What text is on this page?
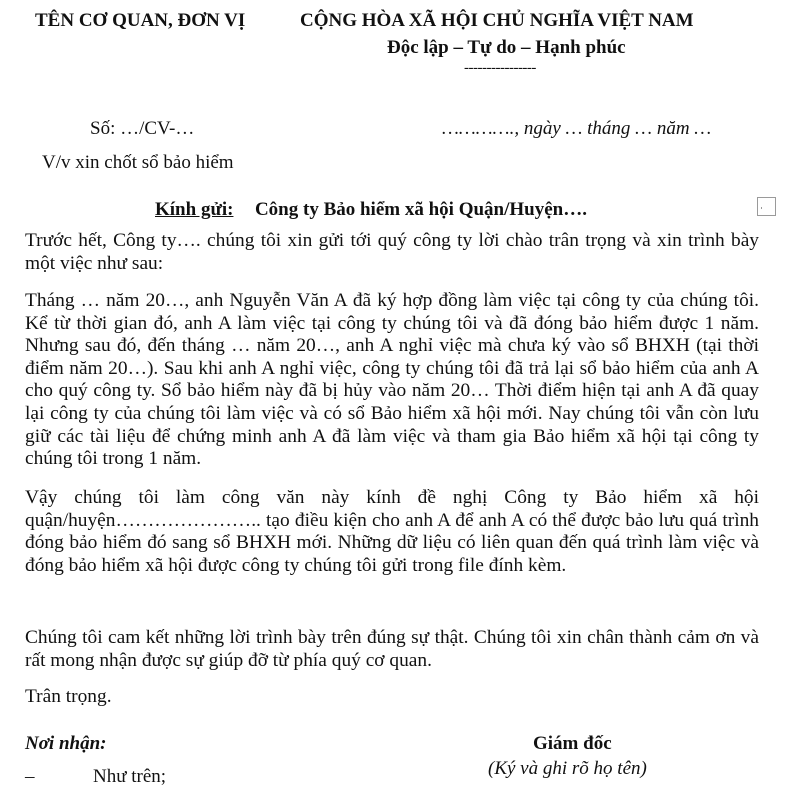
TÊN CƠ QUAN, ĐƠN VỊ	CỘNG HÒA XÃ HỘI CHỦ NGHĨA VIỆT NAM
Độc lập – Tự do – Hạnh phúc
----------------
Số: …/CV-…	…………., ngày … tháng … năm …
V/v xin chốt sổ bảo hiểm
Kính gửi: Công ty Bảo hiểm xã hội Quận/Huyện….
Trước hết, Công ty…. chúng tôi xin gửi tới quý công ty lời chào trân trọng và xin trình bày một việc như sau:
Tháng … năm 20…, anh Nguyễn Văn A đã ký hợp đồng làm việc tại công ty của chúng tôi. Kể từ thời gian đó, anh A làm việc tại công ty chúng tôi và đã đóng bảo hiểm được 1 năm. Nhưng sau đó, đến tháng … năm 20…, anh A nghỉ việc mà chưa ký vào sổ BHXH (tại thời điểm năm 20…). Sau khi anh A nghỉ việc, công ty chúng tôi đã trả lại sổ bảo hiểm của anh A cho quý công ty. Sổ bảo hiểm này đã bị hủy vào năm 20… Thời điểm hiện tại anh A đã quay lại công ty của chúng tôi làm việc và có sổ Bảo hiểm xã hội mới. Nay chúng tôi vẫn còn lưu giữ các tài liệu để chứng minh anh A đã làm việc và tham gia Bảo hiểm xã hội tại công ty chúng tôi trong 1 năm.
Vậy chúng tôi làm công văn này kính đề nghị Công ty Bảo hiểm xã hội quận/huyện………………….. tạo điều kiện cho anh A để anh A có thể được bảo lưu quá trình đóng bảo hiểm đó sang sổ BHXH mới. Những dữ liệu có liên quan đến quá trình làm việc và đóng bảo hiểm xã hội được công ty chúng tôi gửi trong file đính kèm.
Chúng tôi cam kết những lời trình bày trên đúng sự thật. Chúng tôi xin chân thành cảm ơn và rất mong nhận được sự giúp đỡ từ phía quý cơ quan.
Trân trọng.
Nơi nhận:
–	Như trên;
Giám đốc
(Ký và ghi rõ họ tên)
